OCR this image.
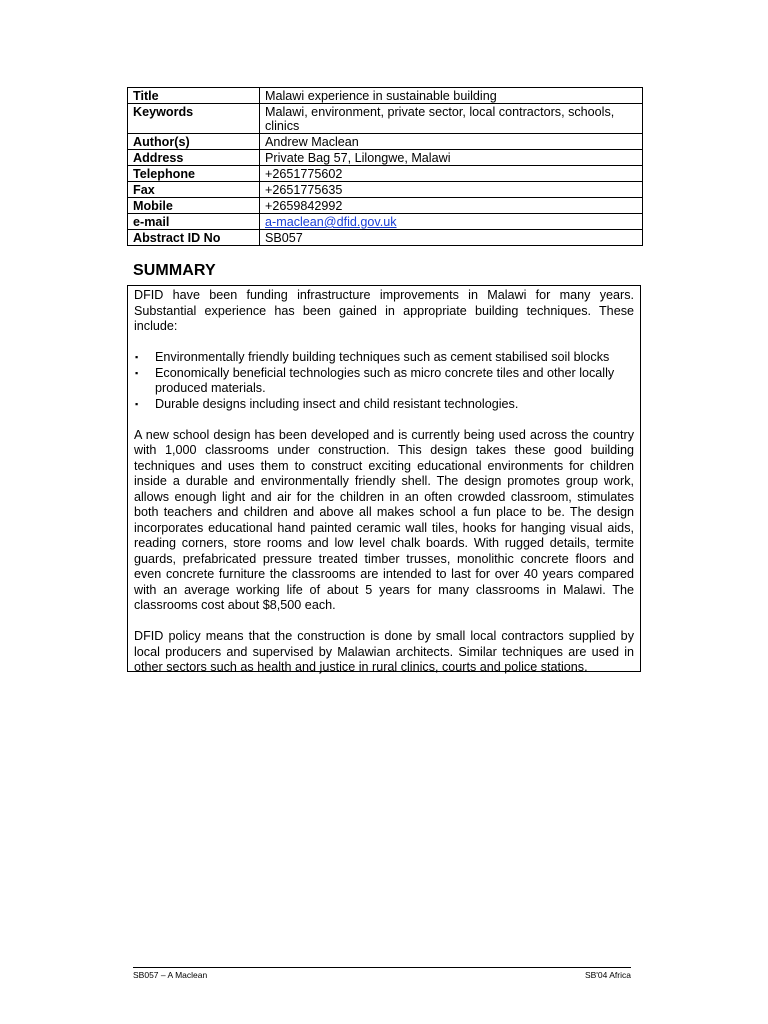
Title	Malawi experience in sustainable building
Keywords	Malawi, environment, private sector, local contractors, schools, clinics
Author(s)	Andrew Maclean
Address	Private Bag 57, Lilongwe, Malawi
Telephone	+2651775602
Fax	+2651775635
Mobile	+2659842992
e-mail	a-maclean@dfid.gov.uk
Abstract ID No	SB057
SUMMARY

DFID have been funding infrastructure improvements in Malawi for many years. Substantial experience has been gained in appropriate building techniques. These include:

▪ Environmentally friendly building techniques such as cement stabilised soil blocks
▪ Economically beneficial technologies such as micro concrete tiles and other locally produced materials.
▪ Durable designs including insect and child resistant technologies.

A new school design has been developed and is currently being used across the country with 1,000 classrooms under construction. This design takes these good building techniques and uses them to construct exciting educational environments for children inside a durable and environmentally friendly shell. The design promotes group work, allows enough light and air for the children in an often crowded classroom, stimulates both teachers and children and above all makes school a fun place to be. The design incorporates educational hand painted ceramic wall tiles, hooks for hanging visual aids, reading corners, store rooms and low level chalk boards. With rugged details, termite guards, prefabricated pressure treated timber trusses, monolithic concrete floors and even concrete furniture the classrooms are intended to last for over 40 years compared with an average working life of about 5 years for many classrooms in Malawi. The classrooms cost about $8,500 each.

DFID policy means that the construction is done by small local contractors supplied by local producers and supervised by Malawian architects. Similar techniques are used in other sectors such as health and justice in rural clinics, courts and police stations.

SB057 – A Maclean	SB'04 Africa
